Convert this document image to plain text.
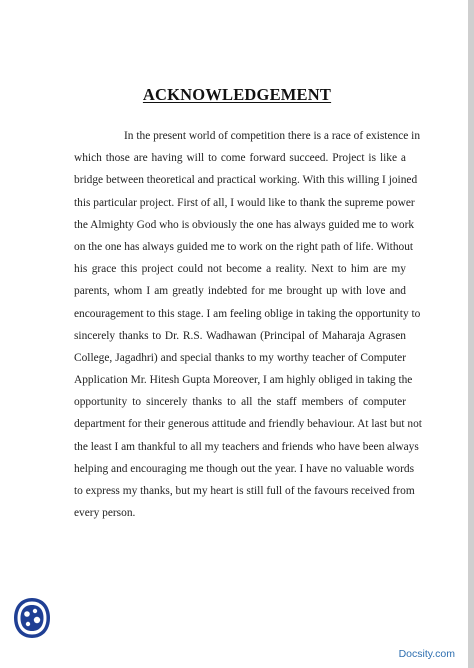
ACKNOWLEDGEMENT
In the present world of competition there is a race of existence in
which those are having will to come forward succeed. Project is like a
bridge between theoretical and practical working. With this willing I joined
this particular project. First of all, I would like to thank the supreme power
the Almighty God who is obviously the one has always guided me to work
on the one has always guided me to work on the right path of life. Without
his grace this project could not become a reality. Next to him are my
parents, whom I am greatly indebted for me brought up with love and
encouragement to this stage. I am feeling oblige in taking the opportunity to
sincerely thanks to Dr. R.S. Wadhawan (Principal of Maharaja Agrasen
College, Jagadhri) and special thanks to my worthy teacher of Computer
Application Mr. Hitesh Gupta Moreover, I am highly obliged in taking the
opportunity to sincerely thanks to all the staff members of computer
department for their generous attitude and friendly behaviour. At last but not
the least I am thankful to all my teachers and friends who have been always
helping and encouraging me though out the year. I have no valuable words
to express my thanks, but my heart is still full of the favours received from
every person.
Docsity.com
